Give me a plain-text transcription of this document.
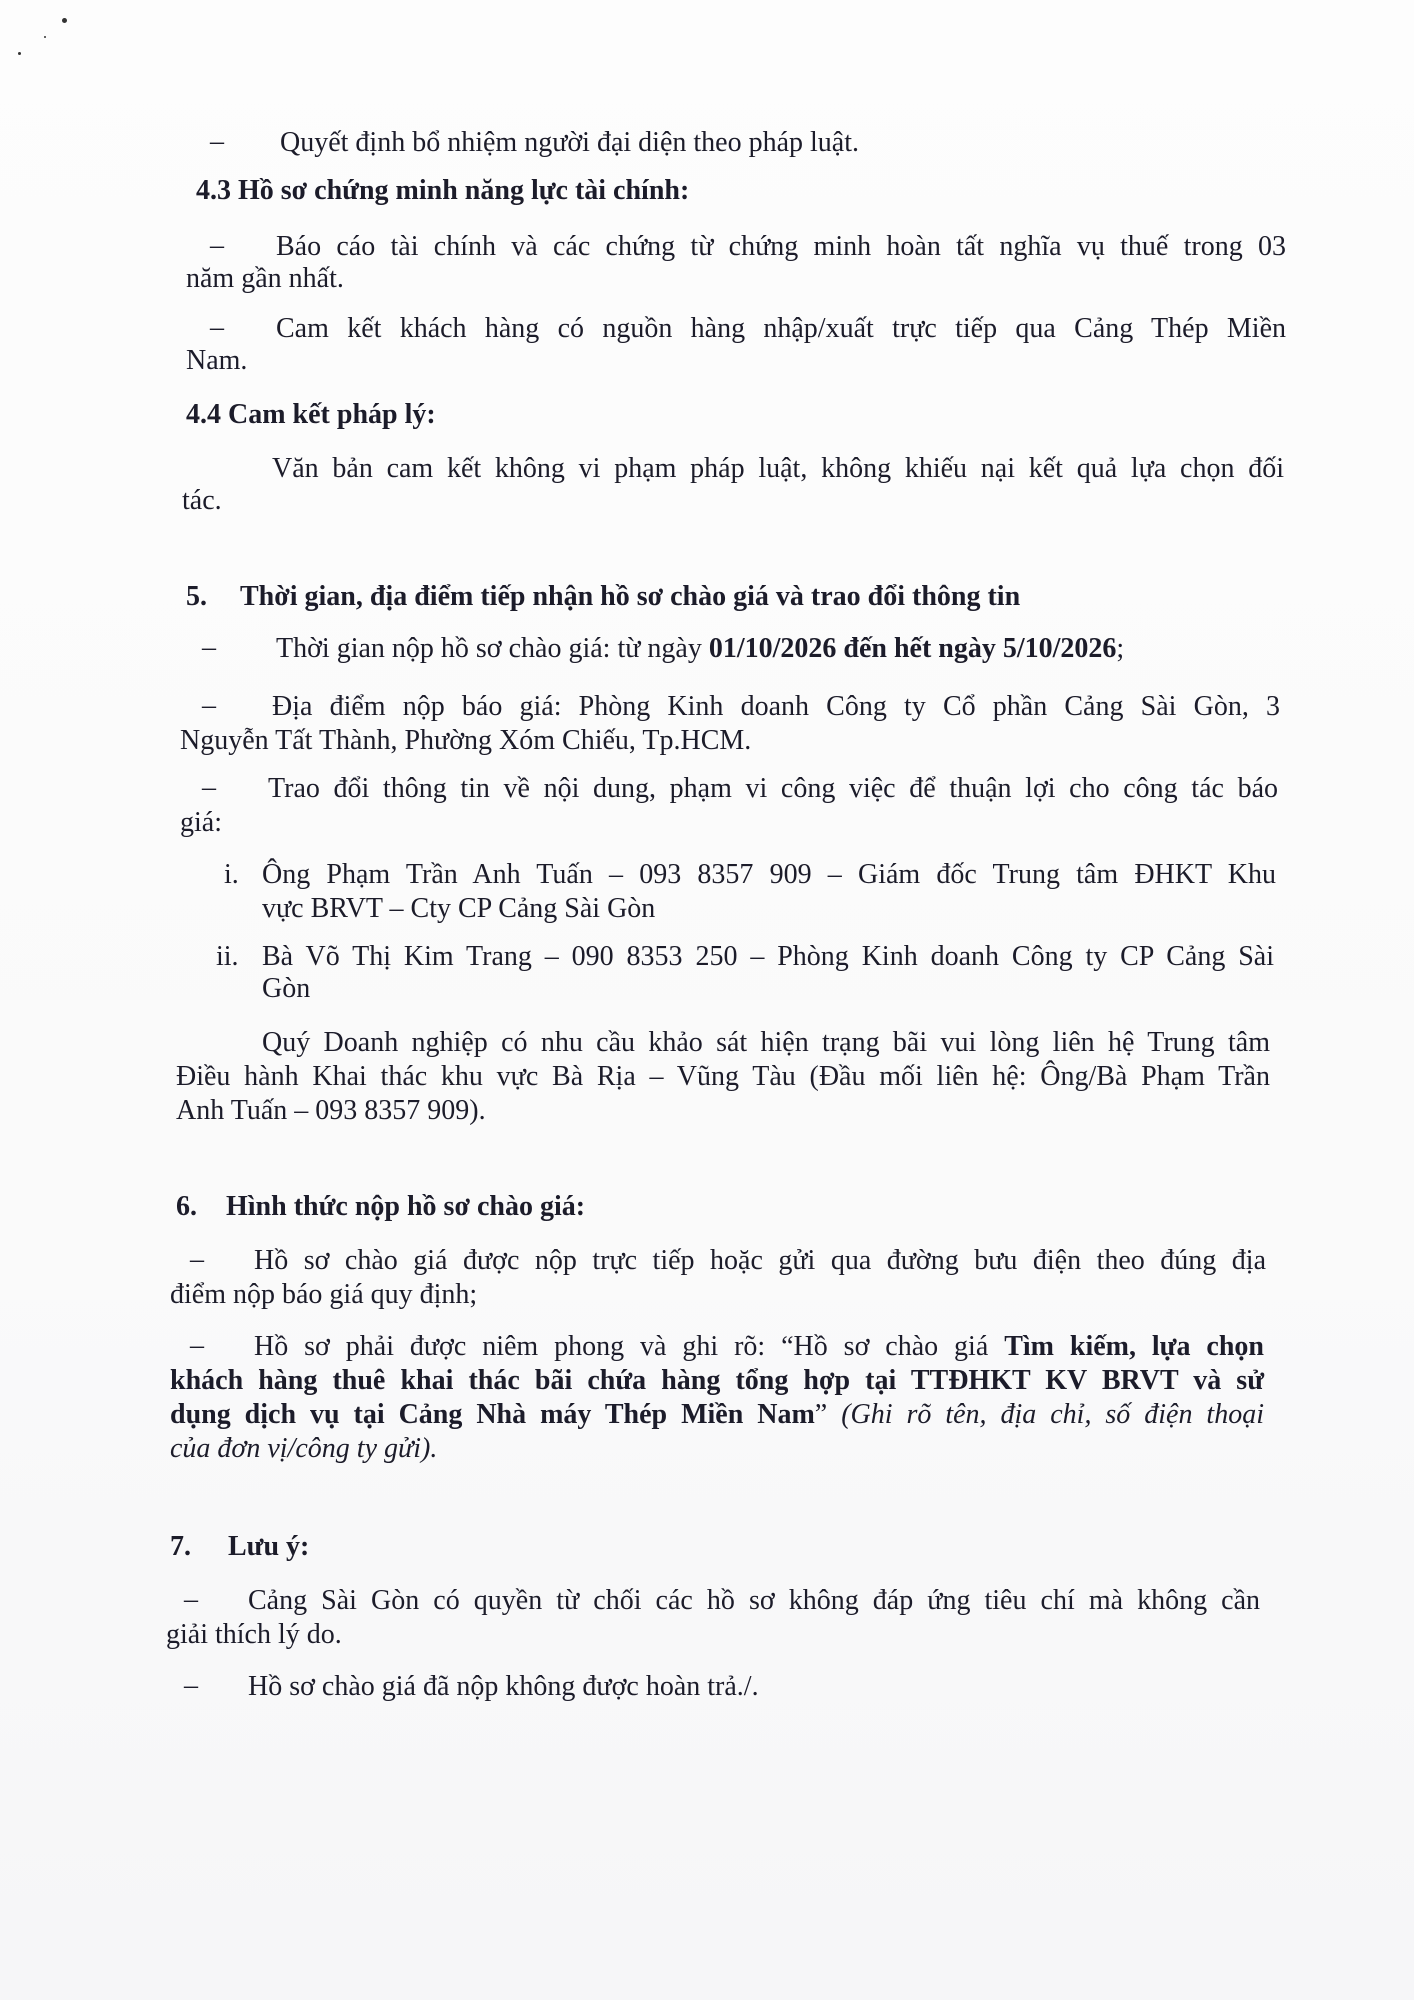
– Quyết định bổ nhiệm người đại diện theo pháp luật.
4.3 Hồ sơ chứng minh năng lực tài chính:
– Báo cáo tài chính và các chứng từ chứng minh hoàn tất nghĩa vụ thuế trong 03
năm gần nhất.
– Cam kết khách hàng có nguồn hàng nhập/xuất trực tiếp qua Cảng Thép Miền
Nam.
4.4 Cam kết pháp lý:
Văn bản cam kết không vi phạm pháp luật, không khiếu nại kết quả lựa chọn đối
tác.
5. Thời gian, địa điểm tiếp nhận hồ sơ chào giá và trao đổi thông tin
– Thời gian nộp hồ sơ chào giá: từ ngày 01/10/2026 đến hết ngày 5/10/2026;
– Địa điểm nộp báo giá: Phòng Kinh doanh Công ty Cổ phần Cảng Sài Gòn, 3
Nguyễn Tất Thành, Phường Xóm Chiếu, Tp.HCM.
– Trao đổi thông tin về nội dung, phạm vi công việc để thuận lợi cho công tác báo
giá:
i. Ông Phạm Trần Anh Tuấn – 093 8357 909 – Giám đốc Trung tâm ĐHKT Khu
vực BRVT – Cty CP Cảng Sài Gòn
ii. Bà Võ Thị Kim Trang – 090 8353 250 – Phòng Kinh doanh Công ty CP Cảng Sài
Gòn
Quý Doanh nghiệp có nhu cầu khảo sát hiện trạng bãi vui lòng liên hệ Trung tâm
Điều hành Khai thác khu vực Bà Rịa – Vũng Tàu (Đầu mối liên hệ: Ông/Bà Phạm Trần
Anh Tuấn – 093 8357 909).
6. Hình thức nộp hồ sơ chào giá:
– Hồ sơ chào giá được nộp trực tiếp hoặc gửi qua đường bưu điện theo đúng địa
điểm nộp báo giá quy định;
– Hồ sơ phải được niêm phong và ghi rõ: “Hồ sơ chào giá Tìm kiếm, lựa chọn
khách hàng thuê khai thác bãi chứa hàng tổng hợp tại TTĐHKT KV BRVT và sử
dụng dịch vụ tại Cảng Nhà máy Thép Miền Nam” (Ghi rõ tên, địa chỉ, số điện thoại
của đơn vị/công ty gửi).
7. Lưu ý:
– Cảng Sài Gòn có quyền từ chối các hồ sơ không đáp ứng tiêu chí mà không cần
giải thích lý do.
– Hồ sơ chào giá đã nộp không được hoàn trả./.
